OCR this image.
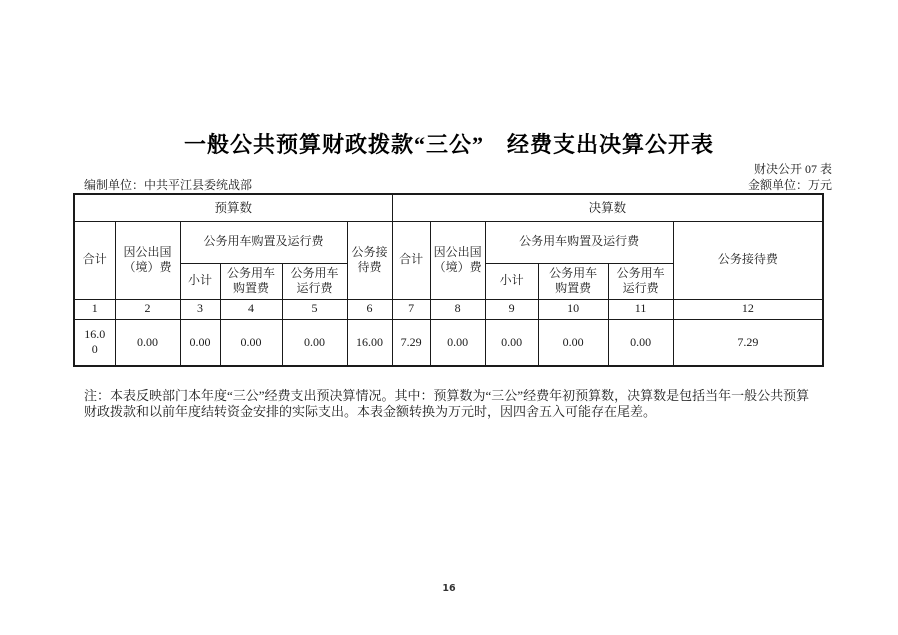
一般公共预算财政拨款“三公”　经费支出决算公开表
财决公开 07 表
编制单位：中共平江县委统战部	金额单位：万元
预算数						决算数					
合计	因公出国（境）费	公务用车购置及运行费			公务接待费	合计	因公出国（境）费	公务用车购置及运行费			公务接待费
		小计	公务用车购置费	公务用车运行费				小计	公务用车购置费	公务用车运行费	
1	2	3	4	5	6	7	8	9	10	11	12
16.00	0.00	0.00	0.00	0.00	16.00	7.29	0.00	0.00	0.00	0.00	7.29
注：本表反映部门本年度“三公”经费支出预决算情况。其中：预算数为“三公”经费年初预算数，决算数是包括当年一般公共预算
财政拨款和以前年度结转资金安排的实际支出。本表金额转换为万元时，因四舍五入可能存在尾差。
16
